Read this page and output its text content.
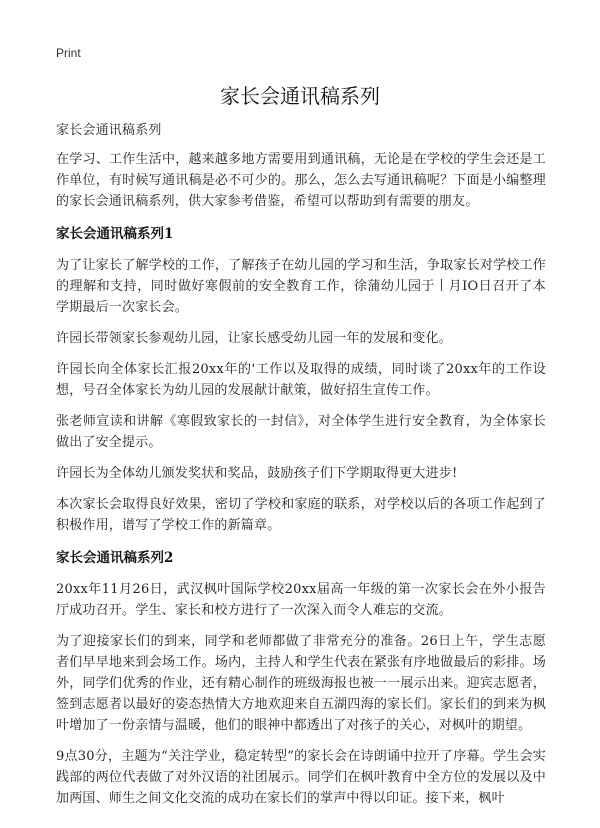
Print
家长会通讯稿系列

家长会通讯稿系列

在学习、工作生活中，越来越多地方需要用到通讯稿，无论是在学校的学生会还是工作单位，有时候写通讯稿是必不可少的。那么，怎么去写通讯稿呢？下面是小编整理的家长会通讯稿系列，供大家参考借鉴，希望可以帮助到有需要的朋友。

家长会通讯稿系列1

为了让家长了解学校的工作，了解孩子在幼儿园的学习和生活，争取家长对学校工作的理解和支持，同时做好寒假前的安全教育工作，徐蒲幼儿园于丨月IO日召开了本学期最后一次家长会。

许园长带领家长参观幼儿园，让家长感受幼儿园一年的发展和变化。

许园长向全体家长汇报20xx年的'工作以及取得的成绩，同时谈了20xx年的工作设想，号召全体家长为幼儿园的发展献计献策，做好招生宣传工作。

张老师宣读和讲解《寒假致家长的一封信》，对全体学生进行安全教育，为全体家长做出了安全提示。

许园长为全体幼儿颁发奖状和奖品，鼓励孩子们下学期取得更大进步!

本次家长会取得良好效果，密切了学校和家庭的联系，对学校以后的各项工作起到了积极作用，谱写了学校工作的新篇章。

家长会通讯稿系列2

20xx年11月26日，武汉枫叶国际学校20xx届高一年级的第一次家长会在外小报告厅成功召开。学生、家长和校方进行了一次深入而令人难忘的交流。

为了迎接家长们的到来，同学和老师都做了非常充分的准备。26日上午，学生志愿者们早早地来到会场工作。场内，主持人和学生代表在紧张有序地做最后的彩排。场外，同学们优秀的作业，还有精心制作的班级海报也被一一展示出来。迎宾志愿者，签到志愿者以最好的姿态热情大方地欢迎来自五湖四海的家长们。家长们的到来为枫叶增加了一份亲情与温暖，他们的眼神中都透出了对孩子的关心，对枫叶的期望。

9点30分，主题为“关注学业，稳定转型”的家长会在诗朗诵中拉开了序幕。学生会实践部的两位代表做了对外汉语的社团展示。同学们在枫叶教育中全方位的发展以及中加两国、师生之间文化交流的成功在家长们的掌声中得以印证。接下来，枫叶
